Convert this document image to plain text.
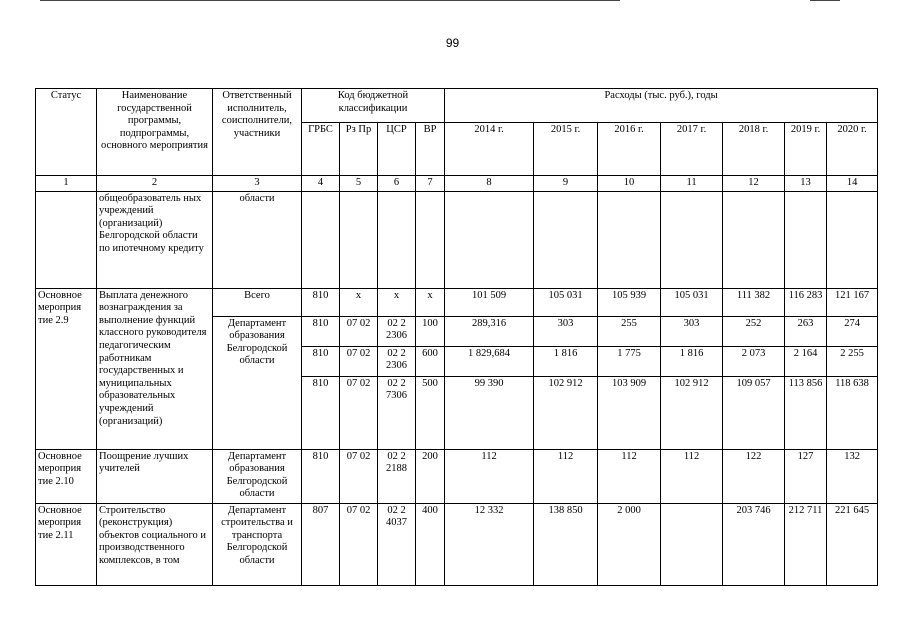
99
Статус	Наименование государственной программы, подпрограммы, основного мероприятия	Ответственный исполнитель, соисполнители, участники	Код бюджетной классификации				Расходы (тыс. руб.), годы						
			ГРБС	Рз Пр	ЦСР	ВР	2014 г.	2015 г.	2016 г.	2017 г.	2018 г.	2019 г.	2020 г.
1	2	3	4	5	6	7	8	9	10	11	12	13	14
	общеобразователь ных учреждений (организаций) Белгородской области по ипотечному кредиту	области											
Основное мероприя тие 2.9	Выплата денежного вознаграждения за выполнение функций классного руководителя педагогическим работникам государственных и муниципальных образовательных учреждений (организаций)	Всего	810	х	х	х	101 509	105 031	105 939	105 031	111 382	116 283	121 167
		Департамент образования Белгородской области	810	07 02	02 2 2306	100	289,316	303	255	303	252	263	274
			810	07 02	02 2 2306	600	1 829,684	1 816	1 775	1 816	2 073	2 164	2 255
			810	07 02	02 2 7306	500	99 390	102 912	103 909	102 912	109 057	113 856	118 638
Основное мероприя тие 2.10	Поощрение лучших учителей	Департамент образования Белгородской области	810	07 02	02 2 2188	200	112	112	112	112	122	127	132
Основное мероприя тие 2.11	Строительство (реконструкция) объектов социального и производственного комплексов, в том	Департамент строительства и транспорта Белгородской области	807	07 02	02 2 4037	400	12 332	138 850	2 000		203 746	212 711	221 645
